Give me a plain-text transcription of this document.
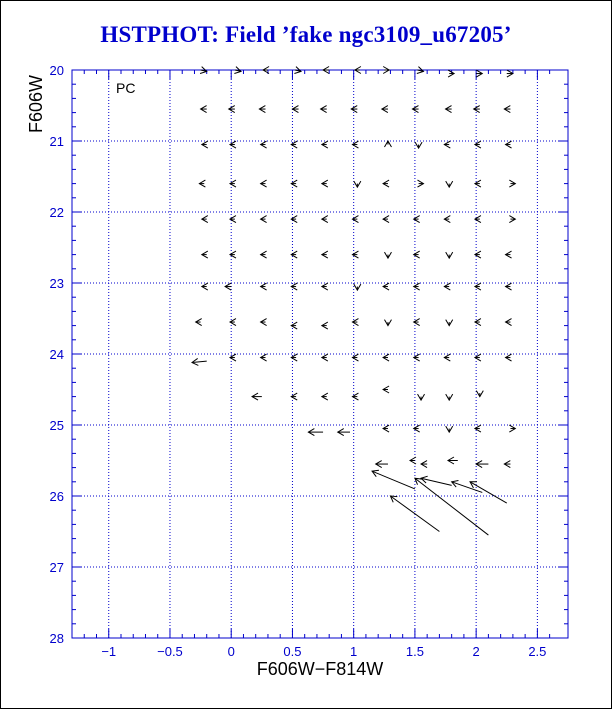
HSTPHOT: Field ’fake ngc3109_u67205’
−1	−0.5	0	0.5	1	1.5	2	2.5
20
21
22
23
24
25
26
27
28
PC
F606W−F814W
F606W
